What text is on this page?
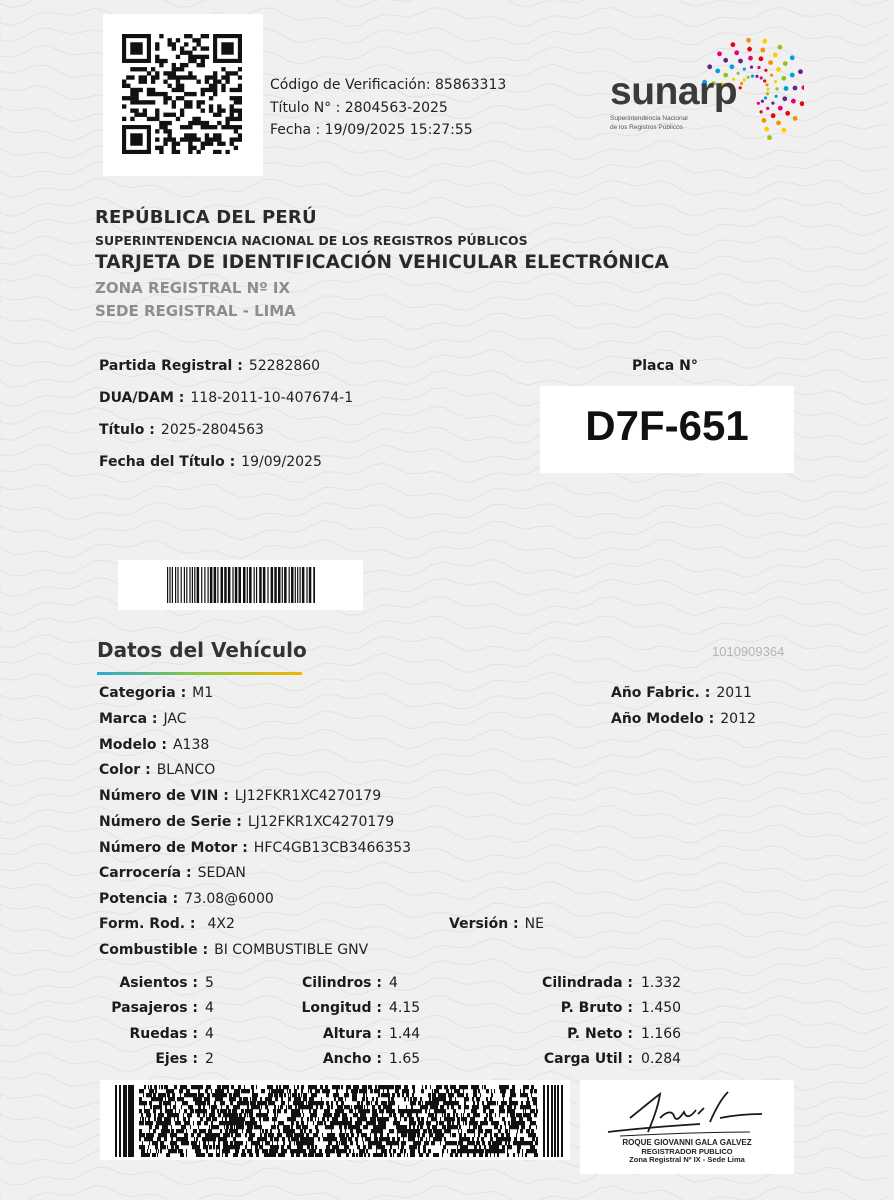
Código de Verificación: 85863313
Título N° : 2804563-2025
Fecha : 19/09/2025 15:27:55
sunarp
Superintendencia Nacional
de los Registros Públicos
REPÚBLICA DEL PERÚ
SUPERINTENDENCIA NACIONAL DE LOS REGISTROS PÚBLICOS
TARJETA DE IDENTIFICACIÓN VEHICULAR ELECTRÓNICA
ZONA REGISTRAL Nº IX
SEDE REGISTRAL - LIMA
Partida Registral : 52282860
DUA/DAM : 118-2011-10-407674-1
Título : 2025-2804563
Fecha del Título : 19/09/2025
Placa N°
D7F-651
Datos del Vehículo	1010909364
Categoria : M1
Marca : JAC
Modelo : A138
Color : BLANCO
Número de VIN : LJ12FKR1XC4270179
Número de Serie : LJ12FKR1XC4270179
Número de Motor : HFC4GB13CB3466353
Carrocería : SEDAN
Potencia : 73.08@6000
Form. Rod. : 4X2	Versión : NE
Combustible : BI COMBUSTIBLE GNV
Año Fabric. : 2011
Año Modelo : 2012
Asientos : 5
Pasajeros : 4
Ruedas : 4
Ejes : 2
Cilindros : 4
Longitud : 4.15
Altura : 1.44
Ancho : 1.65
Cilindrada : 1.332
P. Bruto : 1.450
P. Neto : 1.166
Carga Util : 0.284
ROQUE GIOVANNI GALA GALVEZ
REGISTRADOR PUBLICO
Zona Registral Nº IX - Sede Lima
